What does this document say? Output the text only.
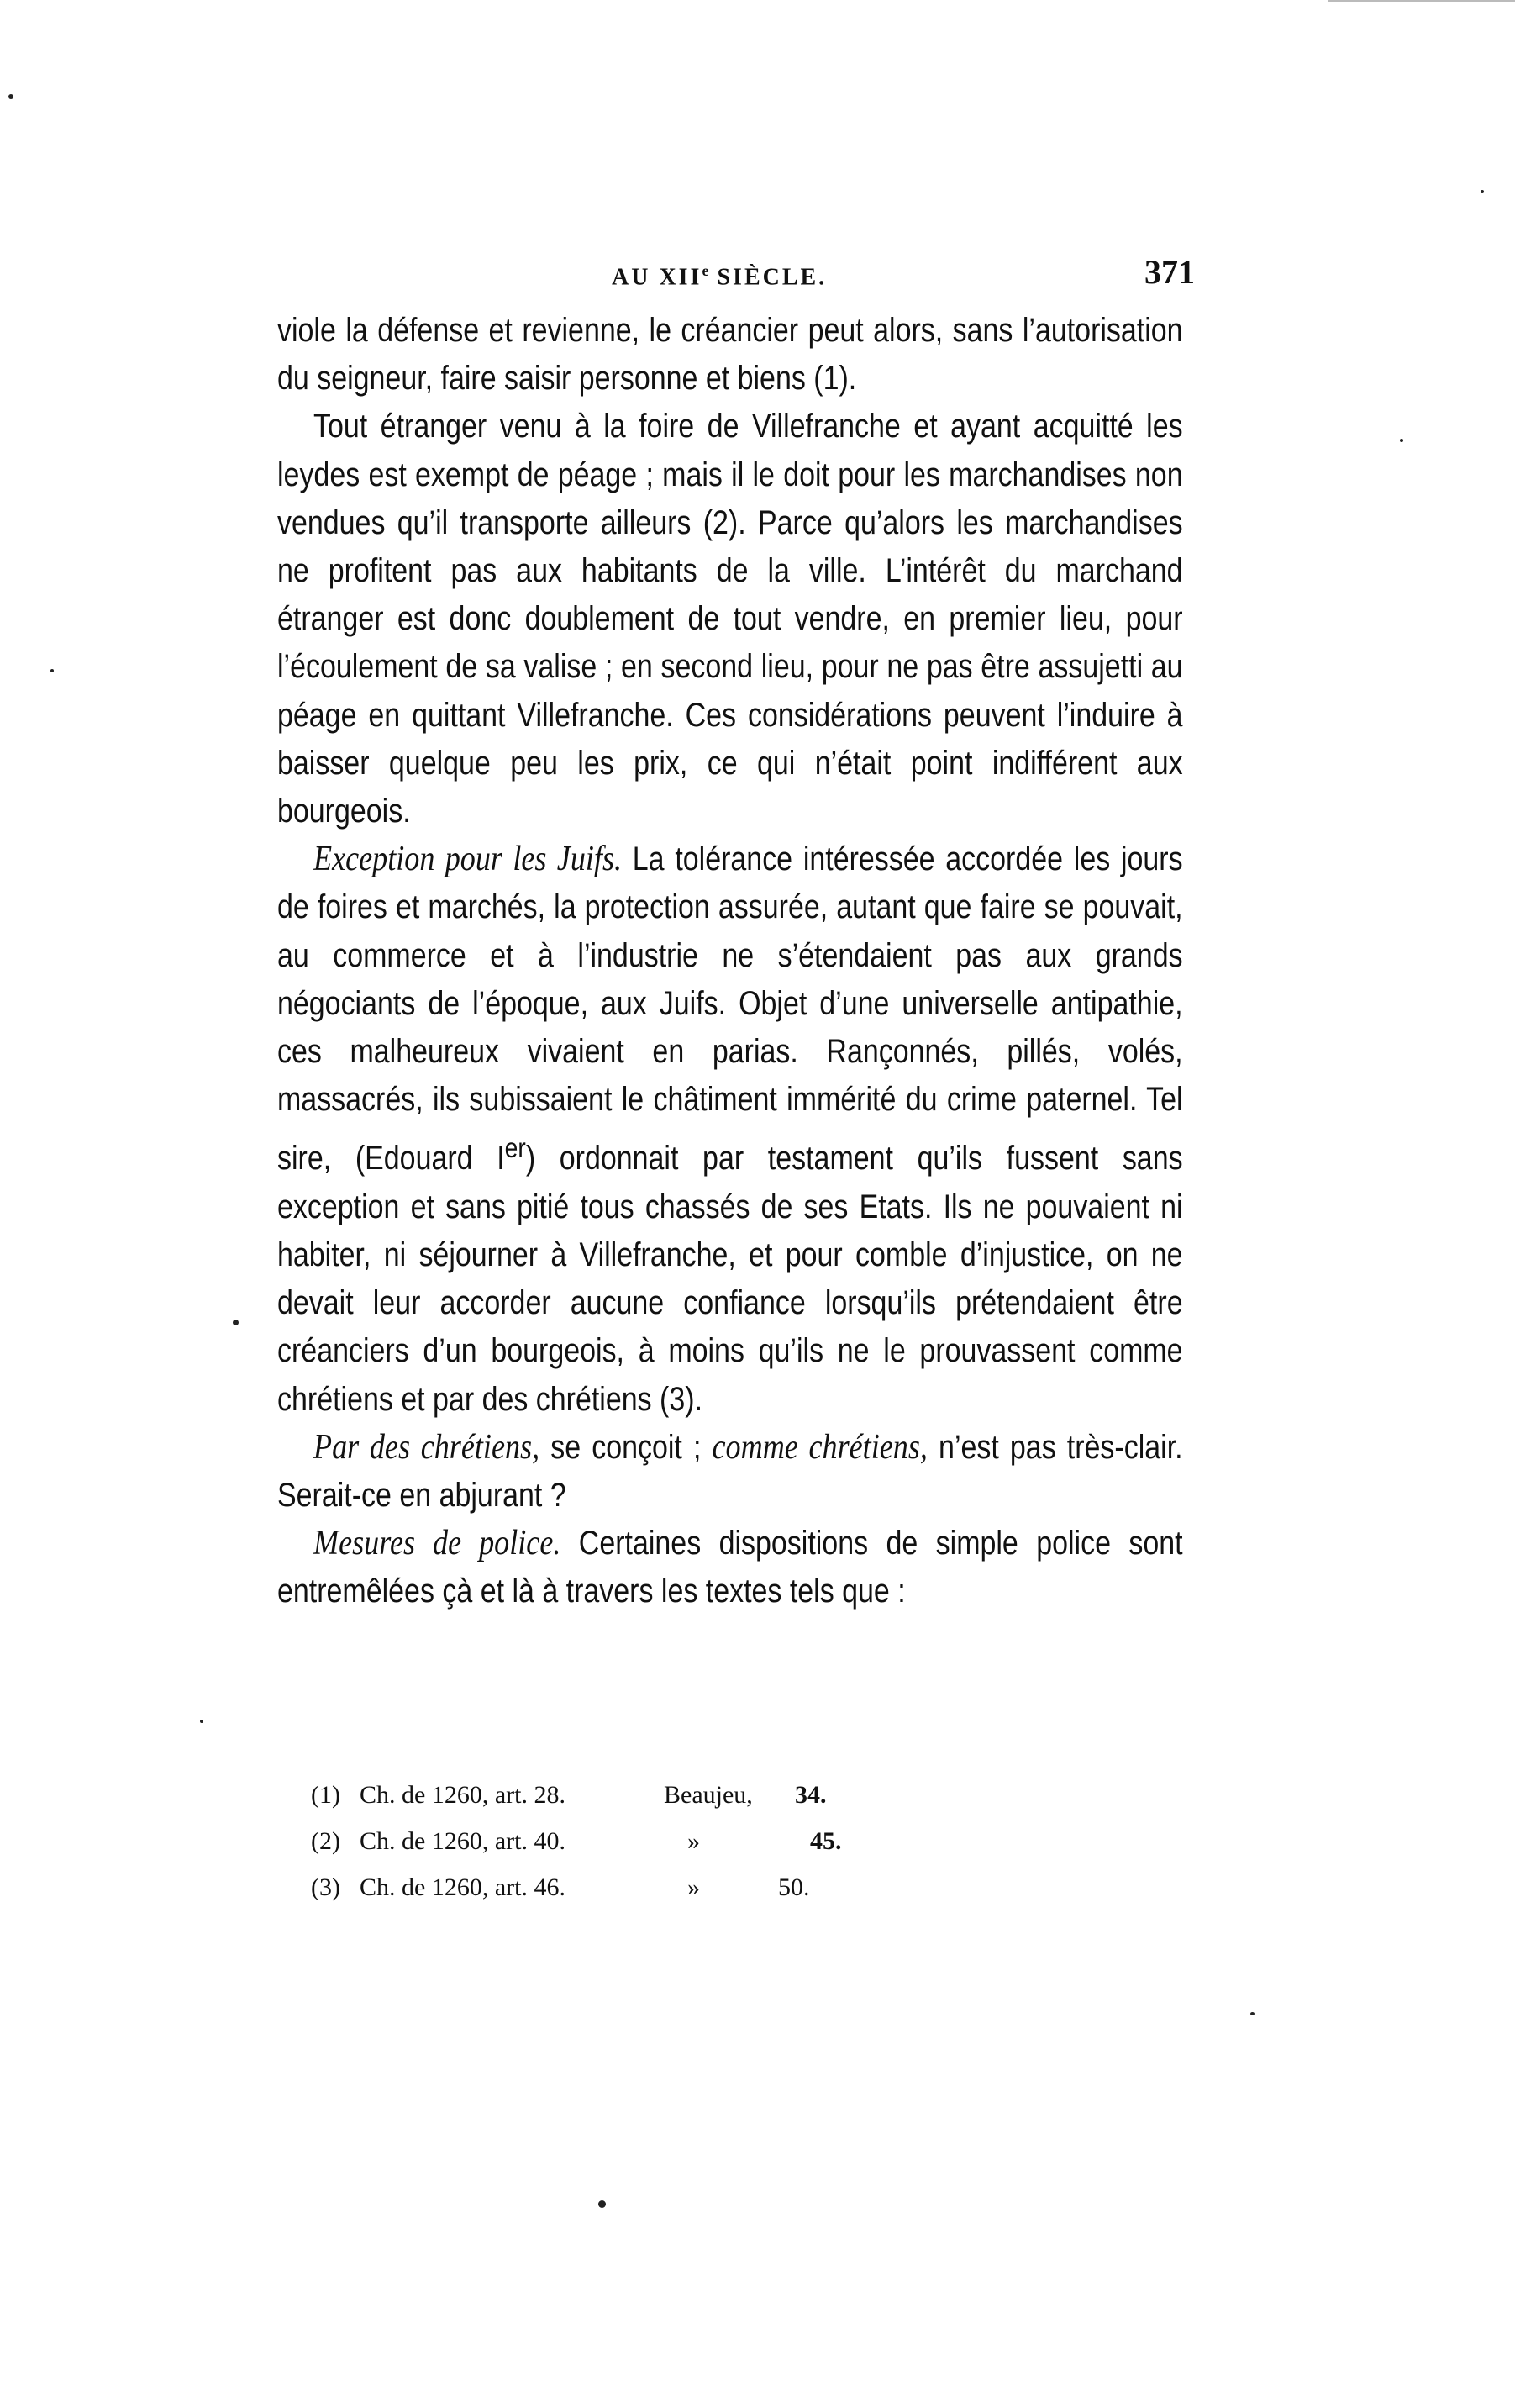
AU XIIe SIÈCLE.	371

viole la défense et revienne, le créancier peut alors, sans l’autorisation du seigneur, faire saisir personne et biens (1).

Tout étranger venu à la foire de Villefranche et ayant acquitté les leydes est exempt de péage ; mais il le doit pour les marchandises non vendues qu’il transporte ailleurs (2). Parce qu’alors les marchandises ne profitent pas aux habitants de la ville. L’intérêt du marchand étranger est donc doublement de tout vendre, en premier lieu, pour l’écoulement de sa valise ; en second lieu, pour ne pas être assujetti au péage en quittant Villefranche. Ces considérations peuvent l’induire à baisser quelque peu les prix, ce qui n’était point indifférent aux bourgeois.

Exception pour les Juifs. La tolérance intéressée accordée les jours de foires et marchés, la protection assurée, autant que faire se pouvait, au commerce et à l’industrie ne s’étendaient pas aux grands négociants de l’époque, aux Juifs. Objet d’une universelle antipathie, ces malheureux vivaient en parias. Rançonnés, pillés, volés, massacrés, ils subissaient le châtiment immérité du crime paternel. Tel sire, (Edouard Ier) ordonnait par testament qu’ils fussent sans exception et sans pitié tous chassés de ses Etats. Ils ne pouvaient ni habiter, ni séjourner à Villefranche, et pour comble d’injustice, on ne devait leur accorder aucune confiance lorsqu’ils prétendaient être créanciers d’un bourgeois, à moins qu’ils ne le prouvassent comme chrétiens et par des chrétiens (3).

Par des chrétiens, se conçoit ; comme chrétiens, n’est pas très-clair. Serait-ce en abjurant ?

Mesures de police. Certaines dispositions de simple police sont entremêlées çà et là à travers les textes tels que :

(1) Ch. de 1260, art. 28.	Beaujeu, 34.
(2) Ch. de 1260, art. 40.	»	45.
(3) Ch. de 1260, art. 46.	»	50.
